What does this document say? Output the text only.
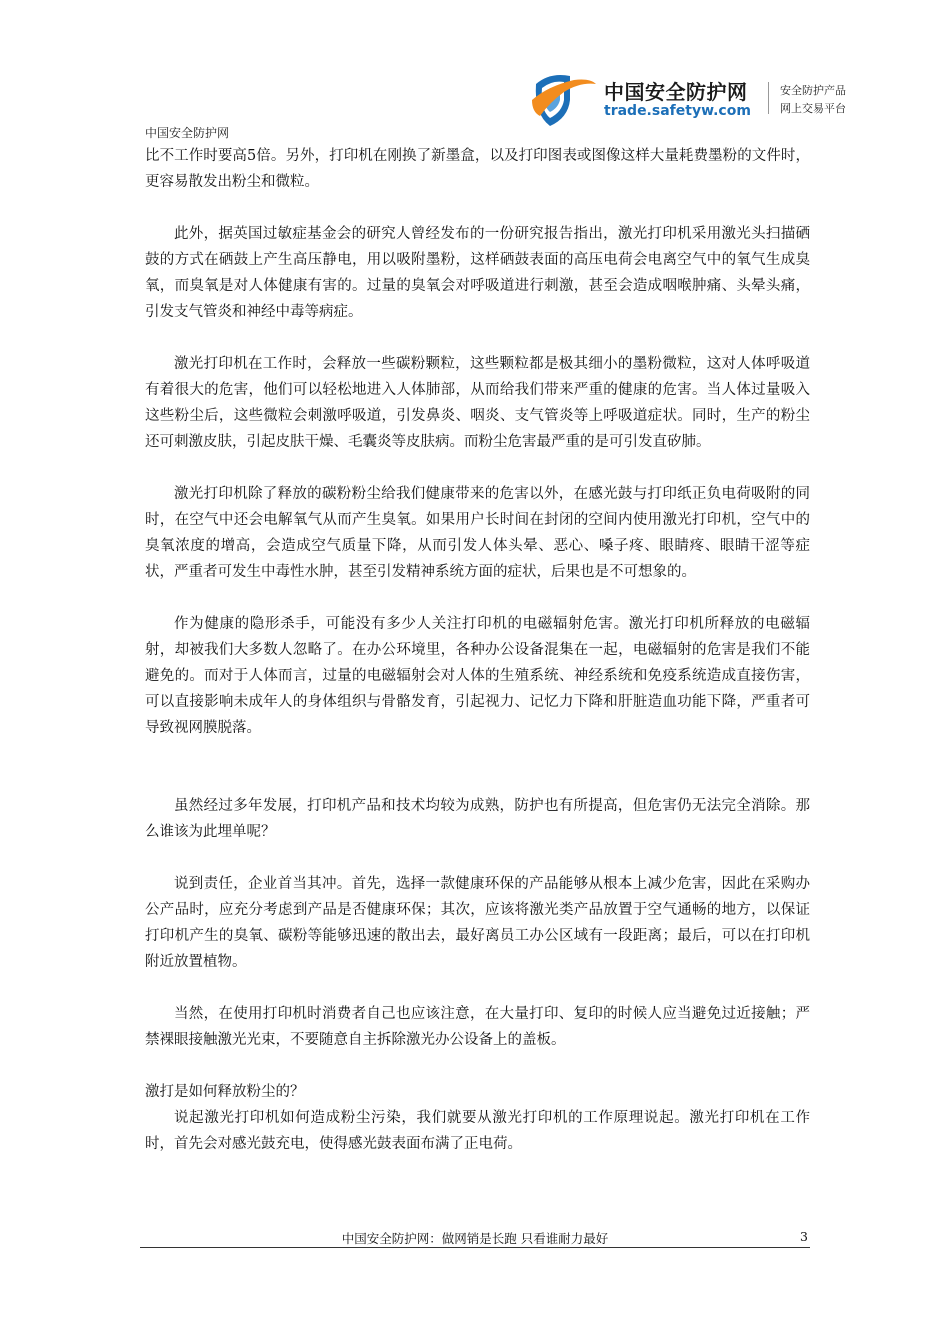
中国安全防护网
trade.safetyw.com
安全防护产品
网上交易平台
中国安全防护网

比不工作时要高5倍。另外，打印机在刚换了新墨盒，以及打印图表或图像这样大量耗费墨粉的文件时，更容易散发出粉尘和微粒。

此外，据英国过敏症基金会的研究人曾经发布的一份研究报告指出，激光打印机采用激光头扫描硒鼓的方式在硒鼓上产生高压静电，用以吸附墨粉，这样硒鼓表面的高压电荷会电离空气中的氧气生成臭氧，而臭氧是对人体健康有害的。过量的臭氧会对呼吸道进行刺激，甚至会造成咽喉肿痛、头晕头痛，引发支气管炎和神经中毒等病症。

激光打印机在工作时，会释放一些碳粉颗粒，这些颗粒都是极其细小的墨粉微粒，这对人体呼吸道有着很大的危害，他们可以轻松地进入人体肺部，从而给我们带来严重的健康的危害。当人体过量吸入这些粉尘后，这些微粒会刺激呼吸道，引发鼻炎、咽炎、支气管炎等上呼吸道症状。同时，生产的粉尘还可刺激皮肤，引起皮肤干燥、毛囊炎等皮肤病。而粉尘危害最严重的是可引发直矽肺。

激光打印机除了释放的碳粉粉尘给我们健康带来的危害以外，在感光鼓与打印纸正负电荷吸附的同时，在空气中还会电解氧气从而产生臭氧。如果用户长时间在封闭的空间内使用激光打印机，空气中的臭氧浓度的增高，会造成空气质量下降，从而引发人体头晕、恶心、嗓子疼、眼睛疼、眼睛干涩等症状，严重者可发生中毒性水肿，甚至引发精神系统方面的症状，后果也是不可想象的。

作为健康的隐形杀手，可能没有多少人关注打印机的电磁辐射危害。激光打印机所释放的电磁辐射，却被我们大多数人忽略了。在办公环境里，各种办公设备混集在一起，电磁辐射的危害是我们不能避免的。而对于人体而言，过量的电磁辐射会对人体的生殖系统、神经系统和免疫系统造成直接伤害，可以直接影响未成年人的身体组织与骨骼发育，引起视力、记忆力下降和肝脏造血功能下降，严重者可导致视网膜脱落。

虽然经过多年发展，打印机产品和技术均较为成熟，防护也有所提高，但危害仍无法完全消除。那么谁该为此埋单呢？

说到责任，企业首当其冲。首先，选择一款健康环保的产品能够从根本上减少危害，因此在采购办公产品时，应充分考虑到产品是否健康环保；其次，应该将激光类产品放置于空气通畅的地方，以保证打印机产生的臭氧、碳粉等能够迅速的散出去，最好离员工办公区域有一段距离；最后，可以在打印机附近放置植物。

当然，在使用打印机时消费者自己也应该注意，在大量打印、复印的时候人应当避免过近接触；严禁裸眼接触激光光束，不要随意自主拆除激光办公设备上的盖板。

激打是如何释放粉尘的？

说起激光打印机如何造成粉尘污染，我们就要从激光打印机的工作原理说起。激光打印机在工作时，首先会对感光鼓充电，使得感光鼓表面布满了正电荷。

中国安全防护网：做网销是长跑 只看谁耐力最好	3
